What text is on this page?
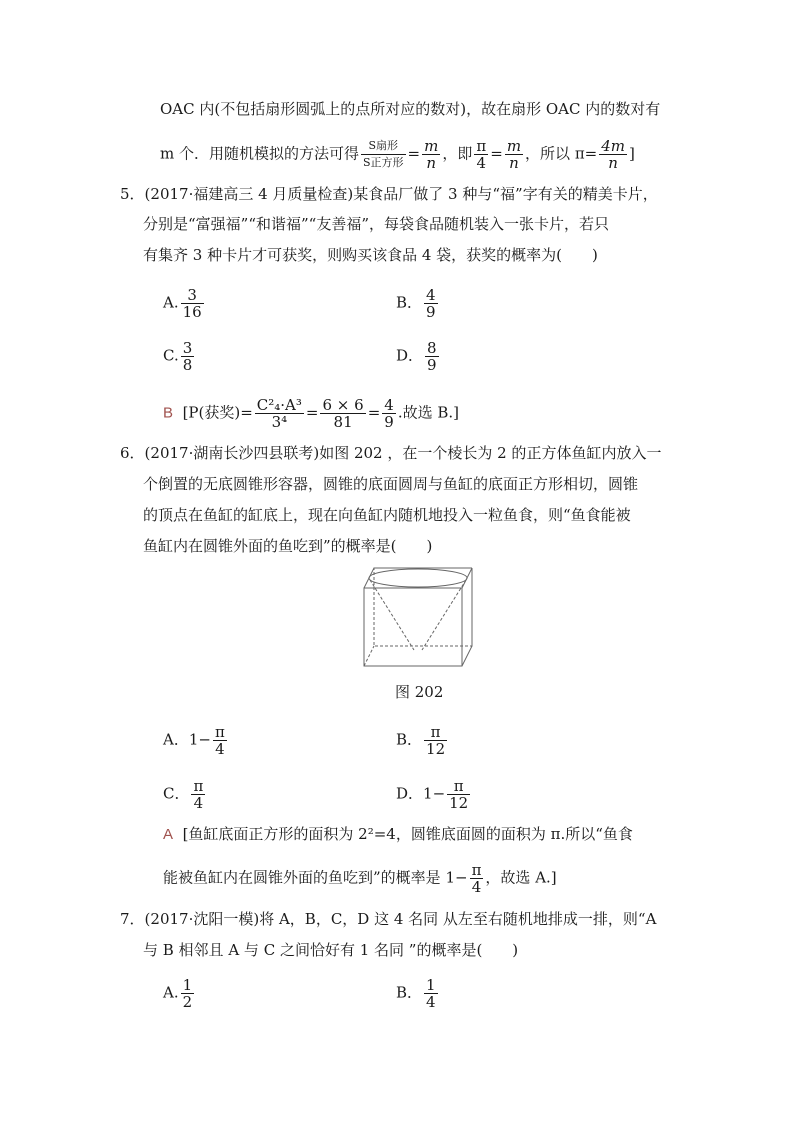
OAC 内(不包括扇形圆弧上的点所对应的数对)，故在扇形 OAC 内的数对有
m 个．用随机模拟的方法可得 $\frac{\text{S扇形}}{\text{S正方形}} = \frac{m}{n}$ ，即 $\frac{\pi}{4} = \frac{m}{n}$ ，所以 $\pi= \frac{4m}{n}$ ]
5．(2017·福建高三 4 月质量检查)某食品厂做了 3 种与“福”字有关的精美卡片，
分别是“富强福”“和谐福”“友善福”，每袋食品随机装入一张卡片，若只
有集齐 3 种卡片才可获奖，则购买该食品 4 袋，获奖的概率为(　　)
A. $\frac{3}{16}$	B． $\frac{4}{9}$
C. $\frac{3}{8}$	D． $\frac{8}{9}$
B [P(获奖)= $\frac{\text{C²₄·A³}}{\text{3⁴}} = \frac{6 \times 6}{81} = \frac{4}{9}$ .故选 B.]
6．(2017·湖南长沙四县联考)如图 202 ，在一个棱长为 2 的正方体鱼缸内放入一
个倒置的无底圆锥形容器，圆锥的底面圆周与鱼缸的底面正方形相切，圆锥
的顶点在鱼缸的缸底上，现在向鱼缸内随机地投入一粒鱼食，则“鱼食能被
鱼缸内在圆锥外面的鱼吃到”的概率是(　　)
图 202
A．$1- \frac{\pi}{4}$	B． $\frac{\pi}{12}$
C． $\frac{\pi}{4}$	D．$1- \frac{\pi}{12}$
A [鱼缸底面正方形的面积为 2²=4，圆锥底面圆的面积为 π.所以“鱼食
能被鱼缸内在圆锥外面的鱼吃到”的概率是 $1- \frac{\pi}{4}$ ，故选 A.]
7．(2017·沈阳一模)将 A，B，C，D 这 4 名同 从左至右随机地排成一排，则“A
与 B 相邻且 A 与 C 之间恰好有 1 名同 ”的概率是(　　)
A. $\frac{1}{2}$	B． $\frac{1}{4}$
